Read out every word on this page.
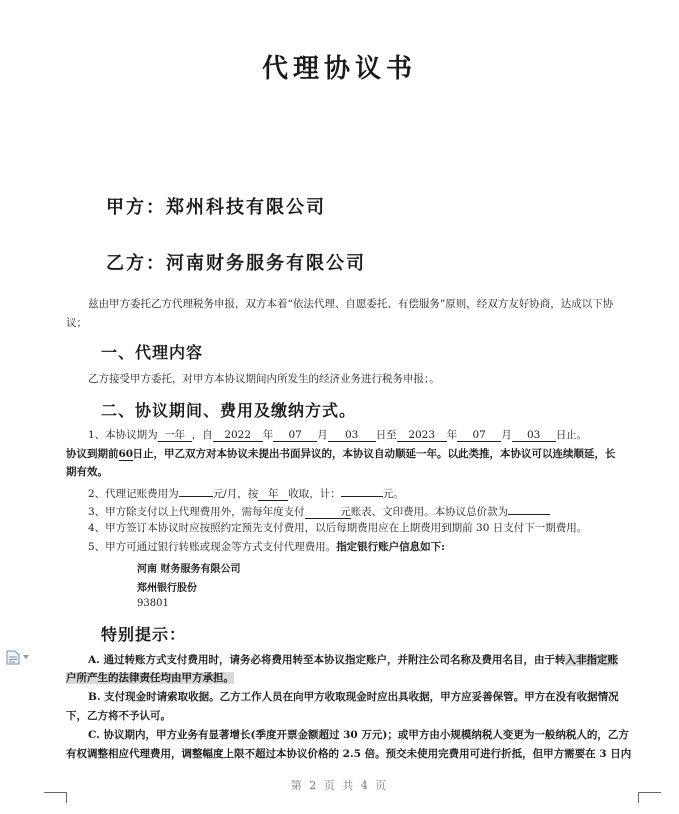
代理协议书
甲方：郑州科技有限公司
乙方：河南财务服务有限公司
兹由甲方委托乙方代理税务申报，双方本着“依法代理、自愿委托、有偿服务”原则，经双方友好协商，达成以下协
议；
一、代理内容
乙方接受甲方委托，对甲方本协议期间内所发生的经济业务进行税务申报；。
二、协议期间、费用及缴纳方式。
1、本协议期为 一年 ，自 2022 年 07 月 03 日至 2023 年 07 月 03 日止。
协议到期前60日止，甲乙双方对本协议未提出书面异议的，本协议自动顺延一年。以此类推，本协议可以连续顺延，长
期有效。
2、代理记账费用为	元/月，按 年 收取，计：	元。
3、甲方除支付以上代理费用外，需每年度支付	元账表、文印费用。本协议总价款为
4、甲方签订本协议时应按照约定预先支付费用，以后每期费用应在上期费用到期前 30 日支付下一期费用。
5、甲方可通过银行转账或现金等方式支付代理费用。指定银行账户信息如下:
河南 财务服务有限公司
郑州银行股份
93801
特别提示：
A. 通过转账方式支付费用时，请务必将费用转至本协议指定账户，并附注公司名称及费用名目，由于转入非指定账
户所产生的法律责任均由甲方承担。
B. 支付现金时请索取收据。乙方工作人员在向甲方收取现金时应出具收据，甲方应妥善保管。甲方在没有收据情况
下，乙方将不予认可。
C. 协议期内，甲方业务有显著增长(季度开票金额超过 30 万元)；或甲方由小规模纳税人变更为一般纳税人的，乙方
有权调整相应代理费用，调整幅度上限不超过本协议价格的 2.5 倍。预交未使用完费用可进行折抵，但甲方需要在 3 日内
第 2 页 共 4 页
